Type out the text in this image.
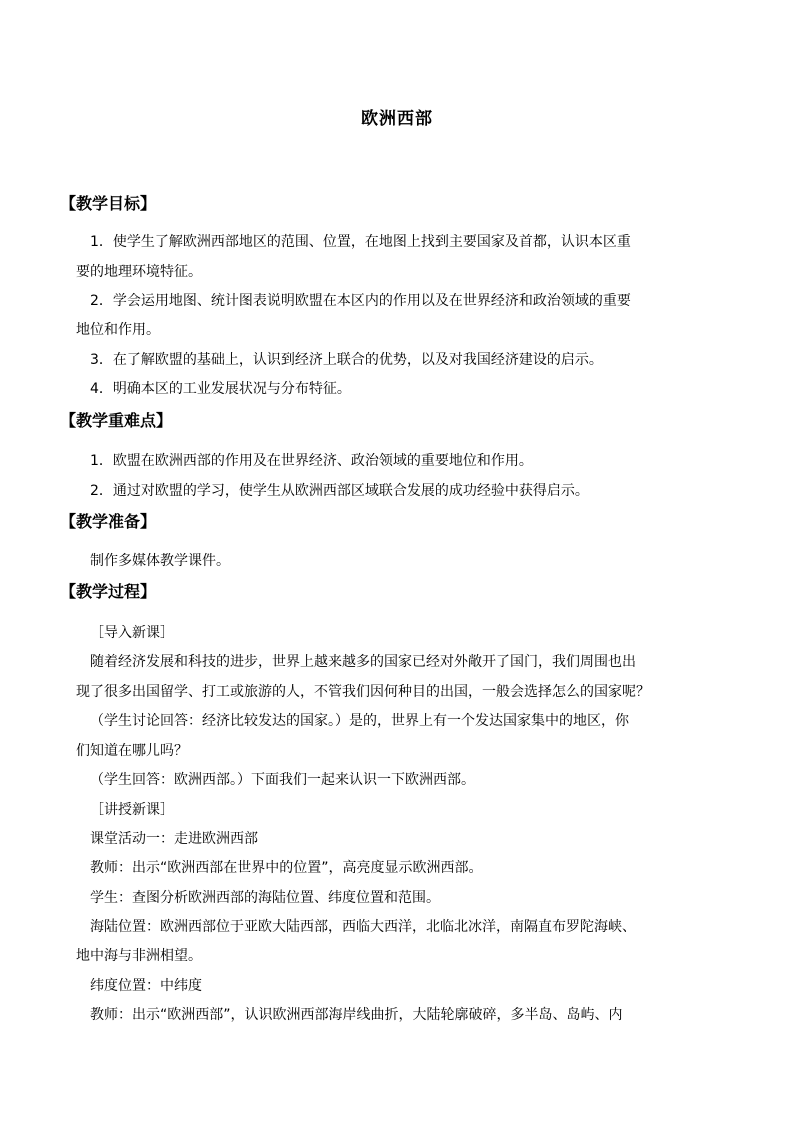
欧洲西部
【教学目标】
1．使学生了解欧洲西部地区的范围、位置，在地图上找到主要国家及首都，认识本区重
要的地理环境特征。
2．学会运用地图、统计图表说明欧盟在本区内的作用以及在世界经济和政治领域的重要
地位和作用。
3．在了解欧盟的基础上，认识到经济上联合的优势，以及对我国经济建设的启示。
4．明确本区的工业发展状况与分布特征。
【教学重难点】
1．欧盟在欧洲西部的作用及在世界经济、政治领域的重要地位和作用。
2．通过对欧盟的学习，使学生从欧洲西部区域联合发展的成功经验中获得启示。
【教学准备】
制作多媒体教学课件。
【教学过程】
［导入新课］
随着经济发展和科技的进步，世界上越来越多的国家已经对外敞开了国门，我们周围也出
现了很多出国留学、打工或旅游的人，不管我们因何种目的出国，一般会选择怎么的国家呢？
（学生讨论回答：经济比较发达的国家。）是的，世界上有一个发达国家集中的地区，你
们知道在哪儿吗？
（学生回答：欧洲西部。）下面我们一起来认识一下欧洲西部。
［讲授新课］
课堂活动一：走进欧洲西部
教师：出示“欧洲西部在世界中的位置”，高亮度显示欧洲西部。
学生：查图分析欧洲西部的海陆位置、纬度位置和范围。
海陆位置：欧洲西部位于亚欧大陆西部，西临大西洋，北临北冰洋，南隔直布罗陀海峡、
地中海与非洲相望。
纬度位置：中纬度
教师：出示“欧洲西部”，认识欧洲西部海岸线曲折，大陆轮廓破碎，多半岛、岛屿、内
